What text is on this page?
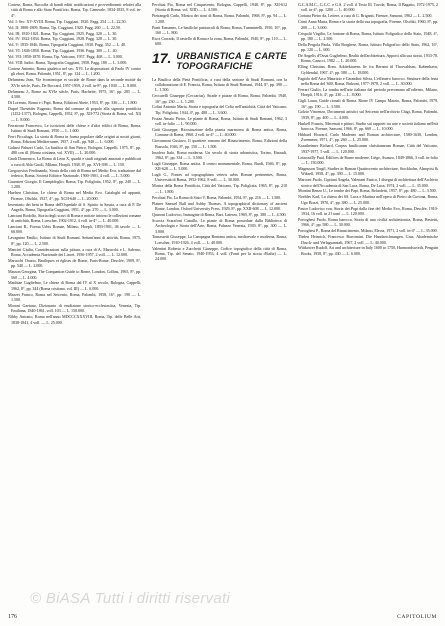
Cortese, Roma, Raccolta di bandi editti notificazioni e provvedimenti relativi alla città di Roma e allo Stato Pontificio, Roma, Tip. Camerale, 1834-1835, 8 vol. in-4°.

Vol. I: Sec. XV-XVIII. Roma, Tip. Cuggiani, 1920. Pagg. 254 — L. 22,50.

Vol. II: 1800-1809. Roma, Tip. Cuggiani, 1920. Pagg. 260 — L. 22,50.

Vol. III: 1810-1821. Roma, Tip. Cuggiani, 1925. Pagg. 320 — L. 30.

Vol. IV: 1822-1834. Roma, Tip. Cuggiani, 1928. Pagg. 328 — L. 30.

Vol. V: 1835-1846. Roma, Tipografia Cuggiani, 1930. Pagg. 352 — L. 40.

Vol. VI: 1846-1850. Roma, Tip. Cuggiani, 1936. Pagg. 300 — L. 40.

Vol. VII: 1850-1870. Roma, Tip. Vaticana, 1957. Pagg. 468 — L. 3.000.

Vol. VIII: Indici. Roma, Tipografia Cuggiani, 1958. Pagg. 180 — L. 3.000.

Cortese Antonio, Roma giudeica nel sec. XVI. Le disposizioni di Paolo IV contro gli ebrei, Roma, Palombi, 1951, 8°, pp. 124 — L. 1.200.

Delumeau Jean, Vie économique et sociale de Rome dans la seconde moitié du XVIe siècle, Paris, De Boccard, 1957-1959, 2 voll. in-8°, pp. 1030 — L. 8.000.

Delumeau J., Rome au XVIe siècle, Paris, Hachette, 1975, 16°, pp. 285 — L. 4.500.

Di Lorenzo, Roma e i Papi. Roma, Edizioni Abete, 1953, 8°, pp. 336 — L. 1.800.

Dupré Theseider Eugenio, Roma dal comune di popolo alla signoria pontificia (1252-1377), Bologna, Cappelli, 1952, 8°, pp. XII-772 (Storia di Roma, vol. XI) — L. 8.000.

Ferraironi Francesco, Le iscrizioni delle chiese e d'altri edifici di Roma, Roma, Istituto di Studi Romani, 1950 — L. 1.600.

Ferri Piccaluga, La storia di Roma in forma popolare dalle origini ai nostri giorni, Roma, Edizioni Mediterranee, 1957, 2 voll., pp. 940 — L. 6.000.

Galassi Paluzzi Carlo, La basilica di San Pietro, Bologna, Cappelli, 1975, 8°, pp. 480 con ill. (Roma cristiana, vol. XVII) — L. 20.000.

Gnoli Domenico, La Roma di Leon X, quadri e studi originali annotati e pubblicati a cura di Aldo Gnoli, Milano, Hoepli, 1938, 8°, pp. XVI-398 — L. 150.

Gregorovius Ferdinando, Storia della città di Roma nel Medio Evo, traduzione dal tedesco, Roma, Società Editrice Nazionale, 1900-1901, 4 voll. — L. 5.000.

Guarnieri Giorgio, Il Campidoglio, Roma, Tip. Poliglotta, 1952, 8°, pp. 240 — L. 1.200.

Huelsen Christian, Le chiese di Roma nel Medio Evo. Cataloghi ed appunti, Firenze, Olschki, 1927, 4°, pp. XCII-640 — L. 20.000.

Inventario dei beni in Roma dell'Ospedale di S. Spirito in Sassia, a cura di P. De Angelis, Roma, Tipografia Cuggiani, 1951, 4°, pp. 270 — L. 3.000.

Lanciani Rodolfo, Storia degli scavi di Roma e notizie intorno le collezioni romane di antichità, Roma, Loescher, 1902-1912, 4 voll. in-4° — L. 40.000.

Lanciani R., Forma Urbis Romae, Milano, Hoepli, 1893-1901, 46 tavole — L. 60.000.

Lavagnino Emilio, Istituto di Studi Romani. Settant'anni di attività, Roma, 1975, 8°, pp. 120 — L. 2.500.

Mancini Giulio, Considerazioni sulla pittura, a cura di A. Marucchi e L. Salerno, Roma, Accademia Nazionale dei Lincei, 1956-1957, 2 voll. — L. 12.000.

Marucchi Orazio, Basiliques et églises de Rome, Paris-Rome, Desclée, 1909, 8°, pp. 540 — L. 2.000.

Masson Georgina, The Companion Guide to Rome, London, Collins, 1965, 8°, pp. 560 — L. 4.000.

Matthiae Guglielmo, Le chiese di Roma dal IV al X secolo, Bologna, Cappelli, 1962, 8°, pp. 344 (Roma cristiana, vol. III) — L. 6.000.

Mazzei Franco, Roma nel Seicento, Roma, Palombi, 1958, 16°, pp. 190 — L. 1.500.

Moroni Gaetano, Dizionario di erudizione storico-ecclesiastica, Venezia, Tip. Emiliana, 1840-1861, voll. 103 — L. 150.000.

Nibby Antonio, Roma nell'anno MDCCCXXXVIII, Roma, Tip. delle Belle Arti, 1838-1841, 4 voll. — L. 25.000.

Pecchiai Pio, Roma nel Cinquecento, Bologna, Cappelli, 1948, 8°, pp. XII-612 (Storia di Roma, vol. XIII) — L. 4.500.

Pietrangeli Carlo, Mostra dei rioni di Roma, Roma, Palombi, 1968, 8°, pp. 94 — L. 1.200.

Ponti Ermanno, Le basiliche patriarcali di Roma, Roma, Tumminelli, 1950, 16°, pp. 160 — L. 800.

Ricci Corrado, Il castello di Roma e la zona, Roma, Palombi, 1940, 8°, pp. 110 — L. 600.

17. URBANISTICA E CARTE TOPOGRAFICHE

La Basilica della Pietà Pontificia, a cura della sezione di Studi Romani, con la collaborazione di E. Francia, Roma, Istituto di Studi Romani, 1944, 8°, pp. 390 — L. 1.500.

Ceccarelli Giuseppe (Ceccarius), Strade e piazze di Roma, Roma, Palombi, 1940, 16°, pp. 230 — L. 1.200.

Colini Antonio Maria, Storia e topografia del Celio nell'antichità, Città del Vaticano, Tip. Poliglotta, 1944, 4°, pp. 480 — L. 3.600.

Frutaz Amato Pietro, Le piante di Roma, Roma, Istituto di Studi Romani, 1962, 3 voll. in-folio — L. 90.000.

Gatti Giuseppe, Ricostruzione della pianta marmorea di Roma antica, Roma, Comune di Roma, 1960, 2 voll. in-4° — L. 40.000.

Giovannoni Gustavo, Il quartiere romano del Rinascimento, Roma, Edizioni della Bussola, 1946, 8°, pp. 150 — L. 1.500.

Insolera Italo, Roma moderna. Un secolo di storia urbanistica, Torino, Einaudi, 1962, 8°, pp. 334 — L. 3.500.

Lugli Giuseppe, Roma antica. Il centro monumentale, Roma, Bardi, 1946, 8°, pp. XII-628 — L. 5.000.

Lugli G., Fontes ad topographiam veteris urbis Romae pertinentes, Roma, Università di Roma, 1952-1962, 8 voll. — L. 30.000.

Mostra della Roma Pontificia, Città del Vaticano, Tip. Poliglotta, 1965, 8°, pp. 210 — L. 1.800.

Pecchiai Pio, La Roma di Sisto V, Roma, Palombi, 1954, 8°, pp. 216 — L. 1.500.

Platner Samuel Ball and Ashby Thomas, A topographical dictionary of ancient Rome, London, Oxford University Press, 1929, 8°, pp. XXII-608 — L. 12.000.

Quaroni Ludovico, Immagine di Roma, Bari, Laterza, 1969, 8°, pp. 380 — L. 4.500.

Scaccia Scarafoni Camillo, Le piante di Roma possedute dalla Biblioteca di Archeologia e Storia dell'Arte, Roma, Palazzo Venezia, 1939, 8°, pp. 300 — L. 3.000.

Tomassetti Giuseppe, La Campagna Romana antica, medioevale e moderna, Roma, Loescher, 1910-1926, 4 voll. — L. 40.000.

Valentini Roberto e Zucchetti Giuseppe, Codice topografico della città di Roma, Roma, Tip. del Senato, 1940-1953, 4 voll. (Fonti per la storia d'Italia) — L. 24.000.

G.C.A.M.C., G.C.C. e G.S. 2 voll. il Testo Ill. Tavole, Roma, Il Bagatto, 1972-1975, 2 voll. in-4°, pp. 1200 — L. 40.000.

Cortona Pietro da, Lettere, a cura di G. Briganti, Firenze, Sansoni, 1962 — L. 2.500.

Crinò Anna Maria, Roma e la storia della sua topografia, Firenze, Olschki, 1960, 8°, pp. 200 — L. 3.000.

Crispolti Virgilio, Le fontane di Roma, Roma, Istituto Poligrafico dello Stato, 1948, 4°, pp. 180 — L. 2.500.

Della Pergola Paola, Villa Borghese, Roma, Istituto Poligrafico dello Stato, 1962, 16°, pp. 120 — L. 600.

De Angelis d'Ossat Guglielmo, Realtà dell'architettura. Apporti alla sua storia, 1933-78, Roma, Carucci, 1982 — L. 20.000.

Elling Christian, Rom. Arkitekturens liv fra Bernini til Thorvaldsen, København, Gyldendal, 1967, 4°, pp. 580 — L. 18.000.

Fagiolo dell'Arco Maurizio e Carandini Silvia, L'effimero barocco. Strutture della festa nella Roma del '600, Roma, Bulzoni, 1977-1978, 2 voll. — L. 30.000.

Ferrari Giulio, La tomba nell'arte italiana dal periodo preromano all'odierno, Milano, Hoepli, 1916, 4°, pp. 230 — L. 8.000.

Gigli Laura, Guide rionali di Roma. Rione IV Campo Marzio, Roma, Palombi, 1979, 16°, pp. 190 — L. 3.500.

Golzio Vincenzo, Documenti artistici sul Seicento nell'archivio Chigi, Roma, Palombi, 1939, 8°, pp. 400 — L. 4.000.

Haskell Francis, Mecenati e pittori. Studio sui rapporti tra arte e società italiana nell'età barocca, Firenze, Sansoni, 1966, 8°, pp. 660 — L. 10.000.

Hibbard Howard, Carlo Maderno and Roman architecture, 1580-1630, London, Zwemmer, 1971, 4°, pp. 260 — L. 25.000.

Krautheimer Richard, Corpus basilicarum christianarum Romae, Città del Vaticano, 1937-1977, 5 voll. — L. 120.000.

Letarouilly Paul, Édifices de Rome moderne, Liège, Avanzo, 1849-1866, 3 voll. in-folio — L. 150.000.

Magnuson Torgil, Studies in Roman Quattrocento architecture, Stockholm, Almqvist & Wiksell, 1958, 4°, pp. 390 — L. 15.000.

Marconi Paolo, Cipriani Angela, Valeriani Enrico, I disegni di architettura dell'Archivio storico dell'Accademia di San Luca, Roma, De Luca, 1974, 2 voll. — L. 35.000.

Montini Renzo U., Le tombe dei Papi, Roma, Belardetti, 1957, 8°, pp. 480 — L. 3.500.

Noehles Karl, La chiesa dei SS. Luca e Martina nell'opera di Pietro da Cortona, Roma, Ugo Bozzi, 1970, 4°, pp. 380 — L. 25.000.

Pastor Ludovico von, Storia dei Papi dalla fine del Medio Evo, Roma, Desclée, 1910-1934, 16 voll. in 21 tomi — L. 120.000.

Portoghesi Paolo, Roma barocca. Storia di una civiltà architettonica, Roma, Bestetti, 1966, 4°, pp. 580 — L. 30.000.

Portoghesi P., Roma del Rinascimento, Milano, Electa, 1971, 2 voll. in-4° — L. 35.000.

Thelen Heinrich, Francesco Borromini. Die Handzeichnungen, Graz, Akademische Druck- und Verlagsanstalt, 1967, 2 voll. — L. 40.000.

Wittkower Rudolf, Art and architecture in Italy 1600 to 1750, Harmondsworth, Penguin Books, 1958, 8°, pp. 430 — L. 6.000.

© BiASA Tutti i diritti riservati
176	CAPITOLIUM
